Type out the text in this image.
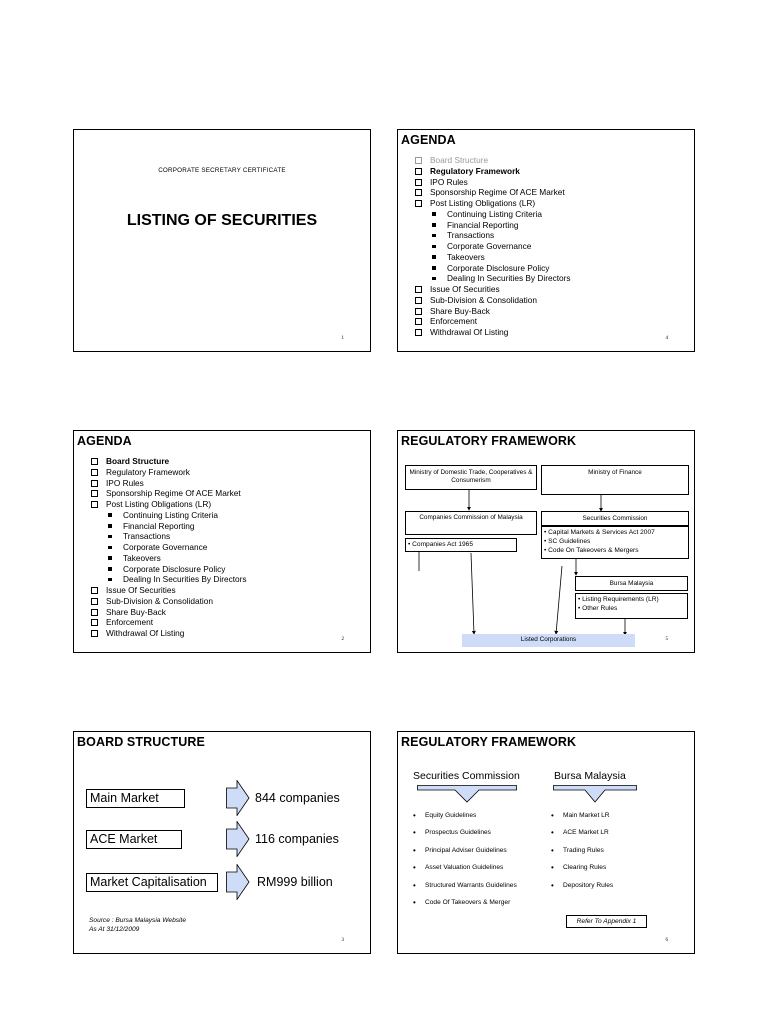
CORPORATE SECRETARY CERTIFICATE
LISTING OF SECURITIES
1
AGENDA
Board Structure
Regulatory Framework
IPO Rules
Sponsorship Regime Of ACE Market
Post Listing Obligations (LR)
Continuing Listing Criteria
Financial Reporting
Transactions
Corporate Governance
Takeovers
Corporate Disclosure Policy
Dealing In Securities By Directors
Issue Of Securities
Sub-Division & Consolidation
Share Buy-Back
Enforcement
Withdrawal Of Listing
4
AGENDA
Board Structure
Regulatory Framework
IPO Rules
Sponsorship Regime Of ACE Market
Post Listing Obligations (LR)
Continuing Listing Criteria
Financial Reporting
Transactions
Corporate Governance
Takeovers
Corporate Disclosure Policy
Dealing In Securities By Directors
Issue Of Securities
Sub-Division & Consolidation
Share Buy-Back
Enforcement
Withdrawal Of Listing
2
REGULATORY FRAMEWORK
Ministry of Domestic Trade, Cooperatives & Consumerism
Ministry of Finance
Companies Commission of Malaysia
• Companies Act 1965
Securities Commission
• Capital Markets & Services Act 2007
• SC Guidelines
• Code On Takeovers & Mergers
Bursa Malaysia
• Listing Requirements (LR)
• Other Rules
Listed Corporations	5
BOARD STRUCTURE
Main Market
ACE Market
Market Capitalisation
844 companies
116 companies
RM999 billion
Source : Bursa Malaysia Website
As At 31/12/2009
3
REGULATORY FRAMEWORK
Securities Commission	Bursa Malaysia
• Equity Guidelines
• Prospectus Guidelines
• Principal Adviser Guidelines
• Asset Valuation Guidelines
• Structured Warrants Guidelines
• Code Of Takeovers & Merger
• Main Market LR
• ACE Market LR
• Trading Rules
• Clearing Rules
• Depository Rules
Refer To Appendix 1
6
